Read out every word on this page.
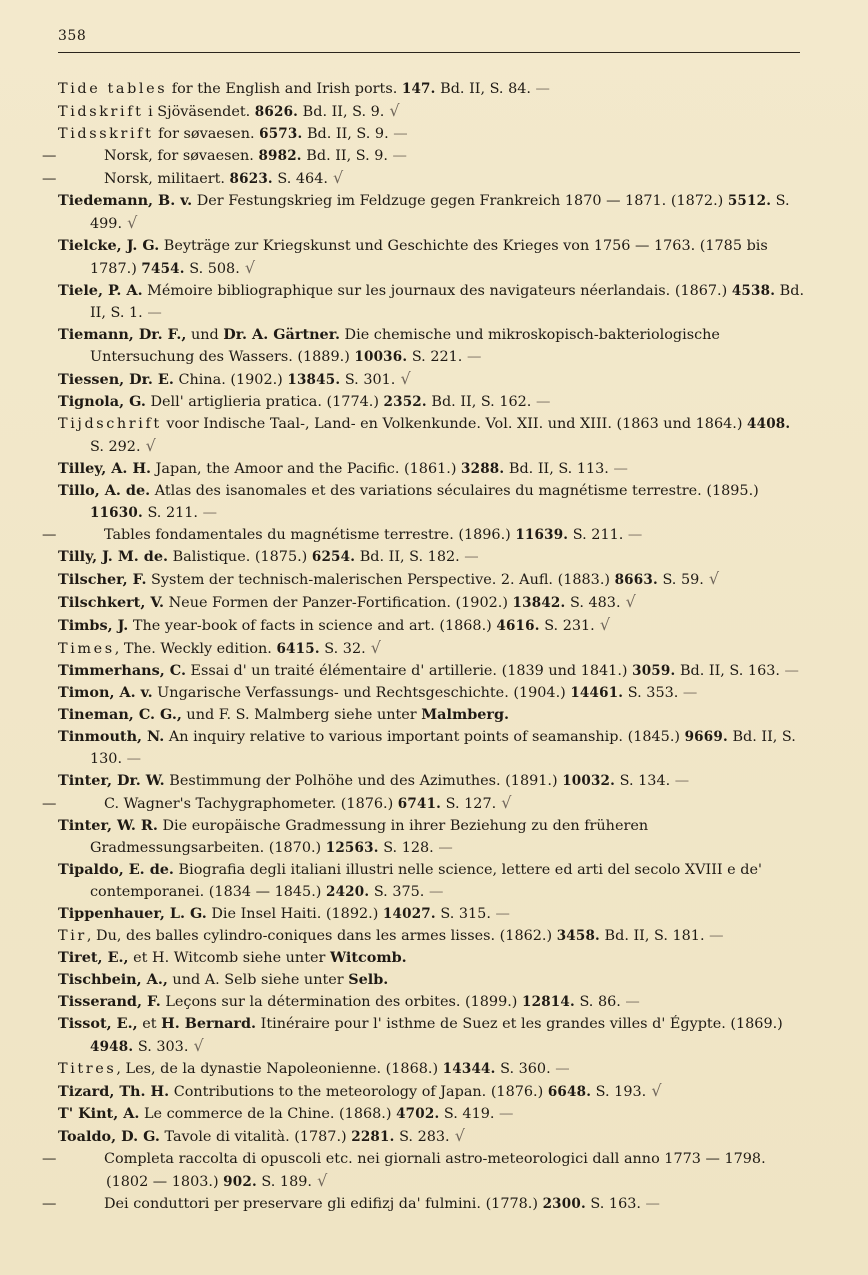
358

Tide tables for the English and Irish ports. 147. Bd. II, S. 84. —

Tidskrift i Sjöväsendet. 8626. Bd. II, S. 9. √

Tidsskrift for søvaesen. 6573. Bd. II, S. 9. —

—	Norsk, for søvaesen. 8982. Bd. II, S. 9. —

—	Norsk, militaert. 8623. S. 464. √

Tiedemann, B. v. Der Festungskrieg im Feldzuge gegen Frankreich 1870 — 1871. (1872.) 5512. S. 499. √

Tielcke, J. G. Beyträge zur Kriegskunst und Geschichte des Krieges von 1756 — 1763. (1785 bis 1787.) 7454. S. 508. √

Tiele, P. A. Mémoire bibliographique sur les journaux des navigateurs néerlandais. (1867.) 4538. Bd. II, S. 1. —

Tiemann, Dr. F., und Dr. A. Gärtner. Die chemische und mikroskopisch-bakteriologische Untersuchung des Wassers. (1889.) 10036. S. 221. —

Tiessen, Dr. E. China. (1902.) 13845. S. 301. √

Tignola, G. Dell' artiglieria pratica. (1774.) 2352. Bd. II, S. 162. —

Tijdschrift voor Indische Taal-, Land- en Volkenkunde. Vol. XII. und XIII. (1863 und 1864.) 4408. S. 292. √

Tilley, A. H. Japan, the Amoor and the Pacific. (1861.) 3288. Bd. II, S. 113. —

Tillo, A. de. Atlas des isanomales et des variations séculaires du magnétisme terrestre. (1895.) 11630. S. 211. —

—	Tables fondamentales du magnétisme terrestre. (1896.) 11639. S. 211. —

Tilly, J. M. de. Balistique. (1875.) 6254. Bd. II, S. 182. —

Tilscher, F. System der technisch-malerischen Perspective. 2. Aufl. (1883.) 8663. S. 59. √

Tilschkert, V. Neue Formen der Panzer-Fortification. (1902.) 13842. S. 483. √

Timbs, J. The year-book of facts in science and art. (1868.) 4616. S. 231. √

Times, The. Weckly edition. 6415. S. 32. √

Timmerhans, C. Essai d' un traité élémentaire d' artillerie. (1839 und 1841.) 3059. Bd. II, S. 163. —

Timon, A. v. Ungarische Verfassungs- und Rechtsgeschichte. (1904.) 14461. S. 353. —

Tineman, C. G., und F. S. Malmberg siehe unter Malmberg.

Tinmouth, N. An inquiry relative to various important points of seamanship. (1845.) 9669. Bd. II, S. 130. —

Tinter, Dr. W. Bestimmung der Polhöhe und des Azimuthes. (1891.) 10032. S. 134. —

—	C. Wagner's Tachygraphometer. (1876.) 6741. S. 127. √

Tinter, W. R. Die europäische Gradmessung in ihrer Beziehung zu den früheren Gradmessungsarbeiten. (1870.) 12563. S. 128. —

Tipaldo, E. de. Biografia degli italiani illustri nelle science, lettere ed arti del secolo XVIII e de' contemporanei. (1834 — 1845.) 2420. S. 375. —

Tippenhauer, L. G. Die Insel Haiti. (1892.) 14027. S. 315. —

Tir, Du, des balles cylindro-coniques dans les armes lisses. (1862.) 3458. Bd. II, S. 181. —

Tiret, E., et H. Witcomb siehe unter Witcomb.

Tischbein, A., und A. Selb siehe unter Selb.

Tisserand, F. Leçons sur la détermination des orbites. (1899.) 12814. S. 86. —

Tissot, E., et H. Bernard. Itinéraire pour l' isthme de Suez et les grandes villes d' Égypte. (1869.) 4948. S. 303. √

Titres, Les, de la dynastie Napoleonienne. (1868.) 14344. S. 360. —

Tizard, Th. H. Contributions to the meteorology of Japan. (1876.) 6648. S. 193. √

T' Kint, A. Le commerce de la Chine. (1868.) 4702. S. 419. —

Toaldo, D. G. Tavole di vitalità. (1787.) 2281. S. 283. √

—	Completa raccolta di opuscoli etc. nei giornali astro-meteorologici dall anno 1773 — 1798. (1802 — 1803.) 902. S. 189. √

—	Dei conduttori per preservare gli edifizj da' fulmini. (1778.) 2300. S. 163. —
